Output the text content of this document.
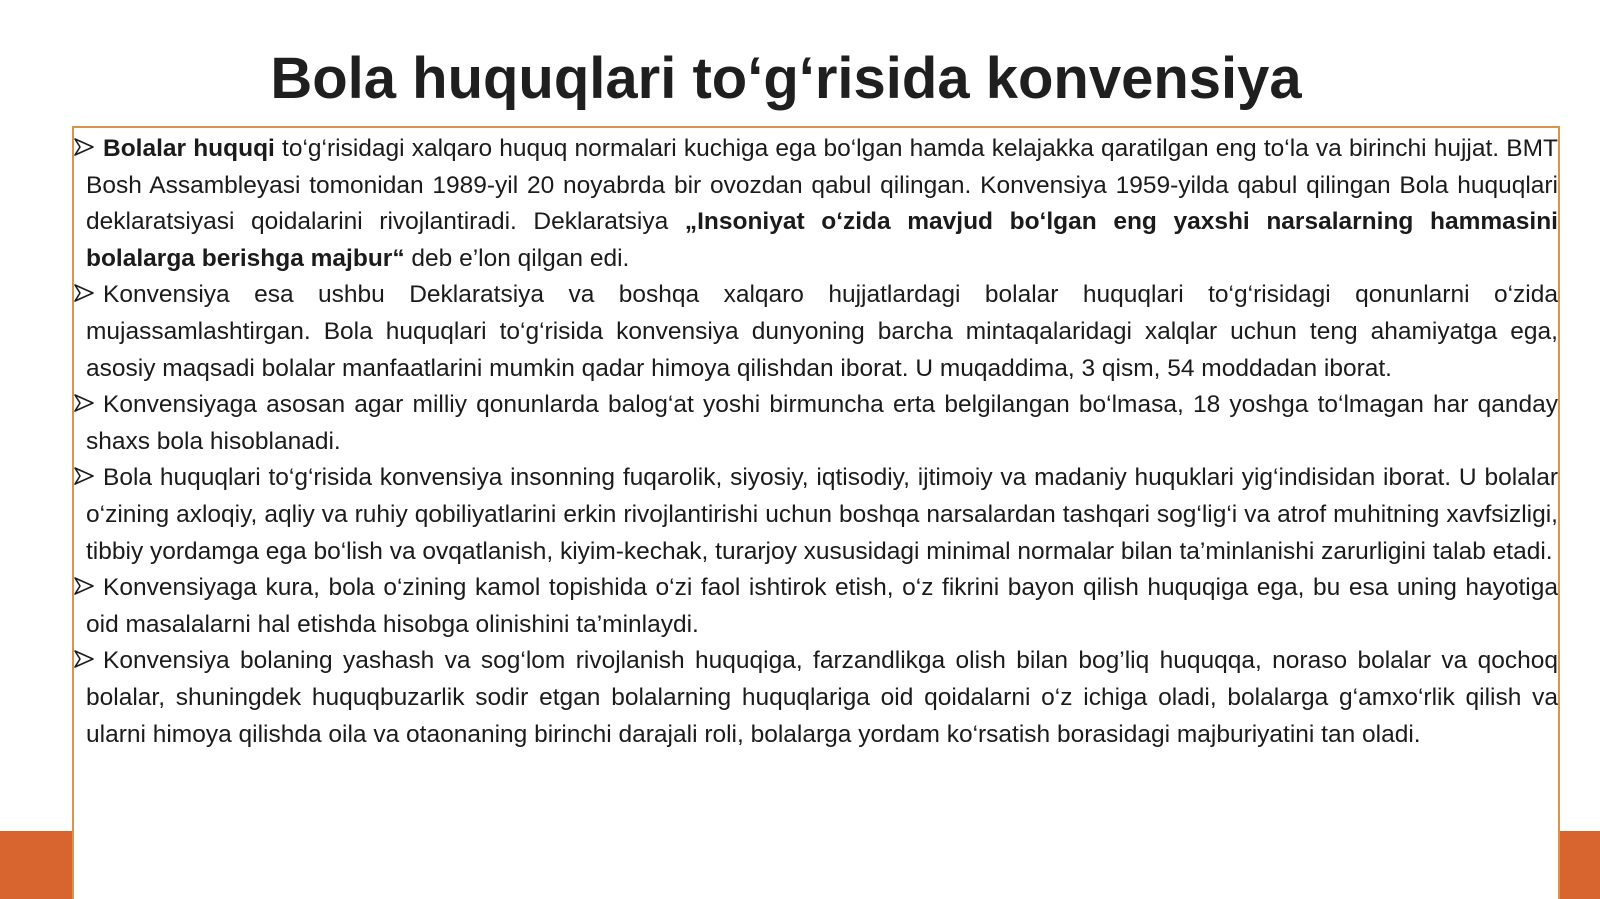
Bola huquqlari to‘g‘risida konvensiya

Bolalar huquqi to‘g‘risidagi xalqaro huquq normalari kuchiga ega bo‘lgan hamda kelajakka qaratilgan eng to‘la va birinchi hujjat. BMT Bosh Assambleyasi tomonidan 1989-yil 20 noyabrda bir ovozdan qabul qilingan. Konvensiya 1959-yilda qabul qilingan Bola huquqlari deklaratsiyasi qoidalarini rivojlantiradi. Deklaratsiya „Insoniyat o‘zida mavjud bo‘lgan eng yaxshi narsalarning hammasini bolalarga berishga majbur“ deb e’lon qilgan edi.

Konvensiya esa ushbu Deklaratsiya va boshqa xalqaro hujjatlardagi bolalar huquqlari to‘g‘risidagi qonunlarni o‘zida mujassamlashtirgan. Bola huquqlari to‘g‘risida konvensiya dunyoning barcha mintaqalaridagi xalqlar uchun teng ahamiyatga ega, asosiy maqsadi bolalar manfaatlarini mumkin qadar himoya qilishdan iborat. U muqaddima, 3 qism, 54 moddadan iborat.

Konvensiyaga asosan agar milliy qonunlarda balog‘at yoshi birmuncha erta belgilangan bo‘lmasa, 18 yoshga to‘lmagan har qanday shaxs bola hisoblanadi.

Bola huquqlari to‘g‘risida konvensiya insonning fuqarolik, siyosiy, iqtisodiy, ijtimoiy va madaniy huquklari yig‘indisidan iborat. U bolalar o‘zining axloqiy, aqliy va ruhiy qobiliyatlarini erkin rivojlantirishi uchun boshqa narsalardan tashqari sog‘lig‘i va atrof muhitning xavfsizligi, tibbiy yordamga ega bo‘lish va ovqatlanish, kiyim-kechak, turarjoy xususidagi minimal normalar bilan ta’minlanishi zarurligini talab etadi.

Konvensiyaga kura, bola o‘zining kamol topishida o‘zi faol ishtirok etish, o‘z fikrini bayon qilish huquqiga ega, bu esa uning hayotiga oid masalalarni hal etishda hisobga olinishini ta’minlaydi.

Konvensiya bolaning yashash va sog‘lom rivojlanish huquqiga, farzandlikga olish bilan bog’liq huquqqa, noraso bolalar va qochoq bolalar, shuningdek huquqbuzarlik sodir etgan bolalarning huquqlariga oid qoidalarni o‘z ichiga oladi, bolalarga g‘amxo‘rlik qilish va ularni himoya qilishda oila va otaonaning birinchi darajali roli, bolalarga yordam ko‘rsatish borasidagi majburiyatini tan oladi.
